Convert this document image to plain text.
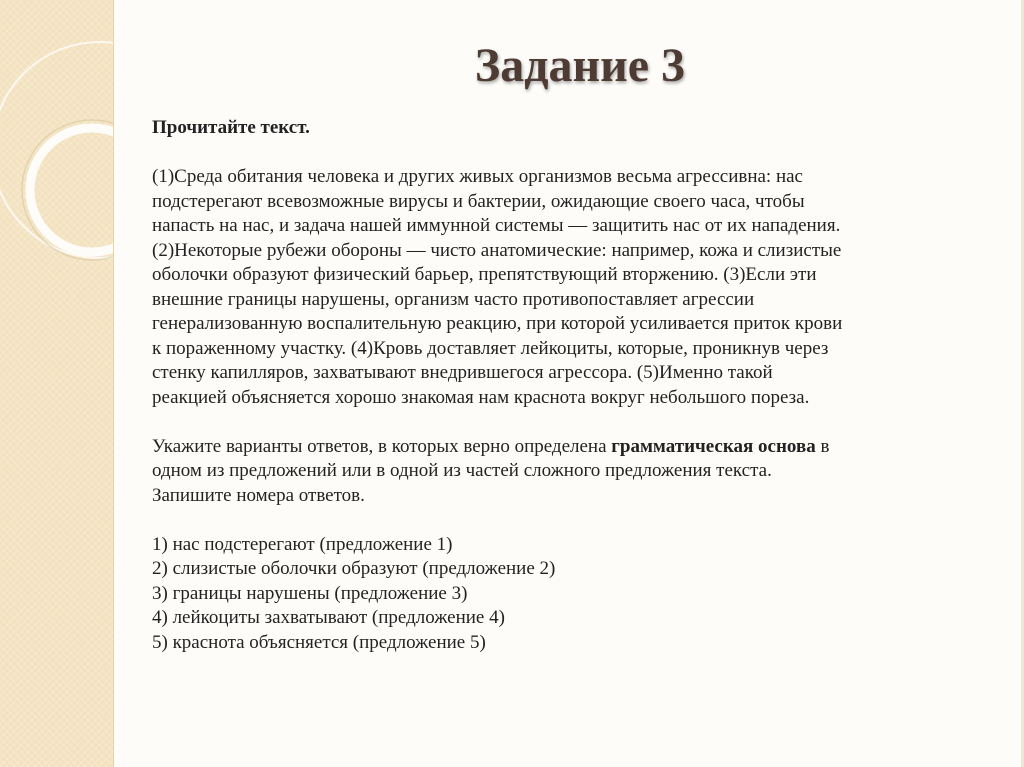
Задание 3

Прочитайте текст.

(1)Среда обитания человека и других живых организмов весьма агрессивна: нас

подстерегают всевозможные вирусы и бактерии, ожидающие своего часа, чтобы

напасть на нас, и задача нашей иммунной системы — защитить нас от их нападения.

(2)Некоторые рубежи обороны — чисто анатомические: например, кожа и слизистые

оболочки образуют физический барьер, препятствующий вторжению. (3)Если эти

внешние границы нарушены, организм часто противопоставляет агрессии

генерализованную воспалительную реакцию, при которой усиливается приток крови

к пораженному участку. (4)Кровь доставляет лейкоциты, которые, проникнув через

стенку капилляров, захватывают внедрившегося агрессора. (5)Именно такой

реакцией объясняется хорошо знакомая нам краснота вокруг небольшого пореза.

Укажите варианты ответов, в которых верно определена грамматическая основа в

одном из предложений или в одной из частей сложного предложения текста.

Запишите номера ответов.

1) нас подстерегают (предложение 1)

2) слизистые оболочки образуют (предложение 2)

3) границы нарушены (предложение 3)

4) лейкоциты захватывают (предложение 4)

5) краснота объясняется (предложение 5)
